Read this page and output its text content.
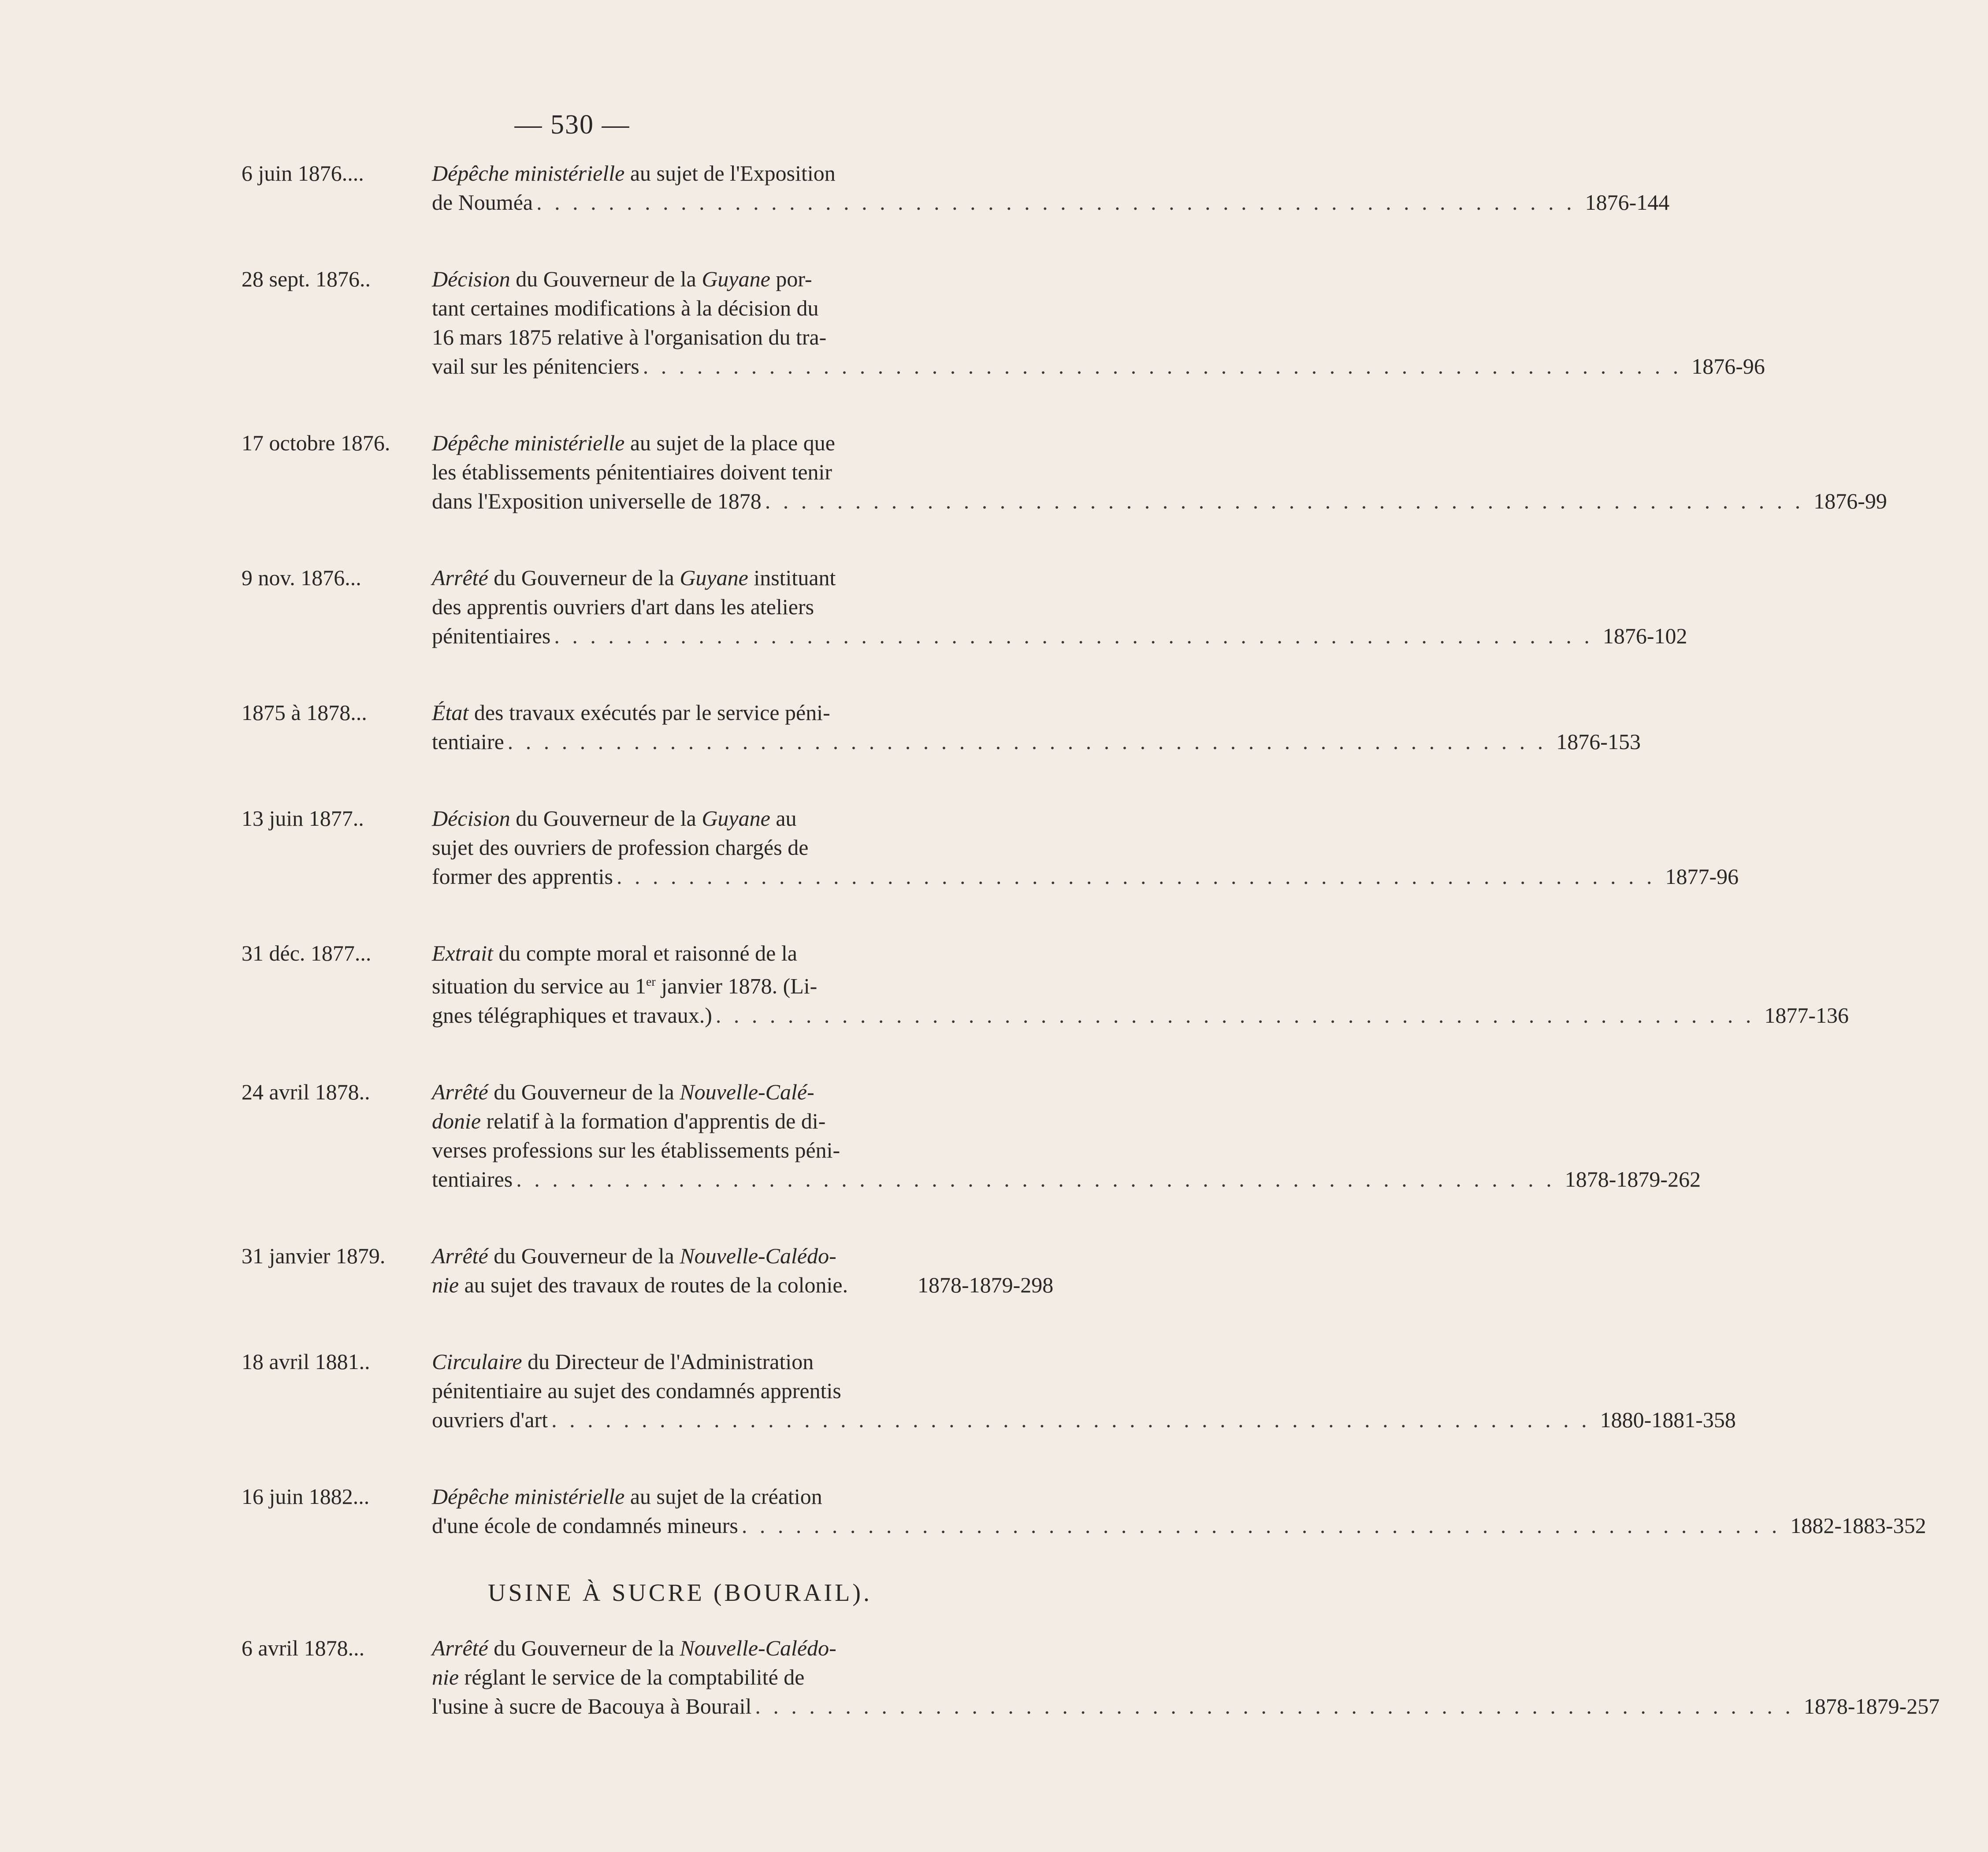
— 530 —
6 juin 1876....	Dépêche ministérielle au sujet de l'Exposition
de Nouméa . . . . . . . . . . . . . . . . . . . . . . . . . . . . . . . . . . . . . . . . . . . . . . . . . . . . . . . . . . 1876-144
28 sept. 1876..	Décision du Gouverneur de la Guyane por-
tant certaines modifications à la décision du
16 mars 1875 relative à l'organisation du tra-
vail sur les pénitenciers . . . . . . . . . . . . . . . . . . . . . . . . . . . . . . . . . . . . . . . . . . . . . . . . . . . . . . . . . . 1876-96
17 octobre 1876.	Dépêche ministérielle au sujet de la place que
les établissements pénitentiaires doivent tenir
dans l'Exposition universelle de 1878 . . . . . . . . . . . . . . . . . . . . . . . . . . . . . . . . . . . . . . . . . . . . . . . . . . . . . . . . . . 1876-99
9 nov. 1876...	Arrêté du Gouverneur de la Guyane instituant
des apprentis ouvriers d'art dans les ateliers
pénitentiaires . . . . . . . . . . . . . . . . . . . . . . . . . . . . . . . . . . . . . . . . . . . . . . . . . . . . . . . . . . 1876-102
1875 à 1878...	État des travaux exécutés par le service péni-
tentiaire . . . . . . . . . . . . . . . . . . . . . . . . . . . . . . . . . . . . . . . . . . . . . . . . . . . . . . . . . . 1876-153
13 juin 1877..	Décision du Gouverneur de la Guyane au
sujet des ouvriers de profession chargés de
former des apprentis . . . . . . . . . . . . . . . . . . . . . . . . . . . . . . . . . . . . . . . . . . . . . . . . . . . . . . . . . . 1877-96
31 déc. 1877...	Extrait du compte moral et raisonné de la
situation du service au 1er janvier 1878. (Li-
gnes télégraphiques et travaux.) . . . . . . . . . . . . . . . . . . . . . . . . . . . . . . . . . . . . . . . . . . . . . . . . . . . . . . . . . . 1877-136
24 avril 1878..	Arrêté du Gouverneur de la Nouvelle-Calé-
donie relatif à la formation d'apprentis de di-
verses professions sur les établissements péni-
tentiaires . . . . . . . . . . . . . . . . . . . . . . . . . . . . . . . . . . . . . . . . . . . . . . . . . . . . . . . . . . 1878-1879-262
31 janvier 1879.	Arrêté du Gouverneur de la Nouvelle-Calédo-
nie au sujet des travaux de routes de la colonie.	1878-1879-298
18 avril 1881..	Circulaire du Directeur de l'Administration
pénitentiaire au sujet des condamnés apprentis
ouvriers d'art . . . . . . . . . . . . . . . . . . . . . . . . . . . . . . . . . . . . . . . . . . . . . . . . . . . . . . . . . . 1880-1881-358
16 juin 1882...	Dépêche ministérielle au sujet de la création
d'une école de condamnés mineurs . . . . . . . . . . . . . . . . . . . . . . . . . . . . . . . . . . . . . . . . . . . . . . . . . . . . . . . . . . 1882-1883-352
USINE À SUCRE (BOURAIL).
6 avril 1878...	Arrêté du Gouverneur de la Nouvelle-Calédo-
nie réglant le service de la comptabilité de
l'usine à sucre de Bacouya à Bourail . . . . . . . . . . . . . . . . . . . . . . . . . . . . . . . . . . . . . . . . . . . . . . . . . . . . . . . . . . 1878-1879-257
